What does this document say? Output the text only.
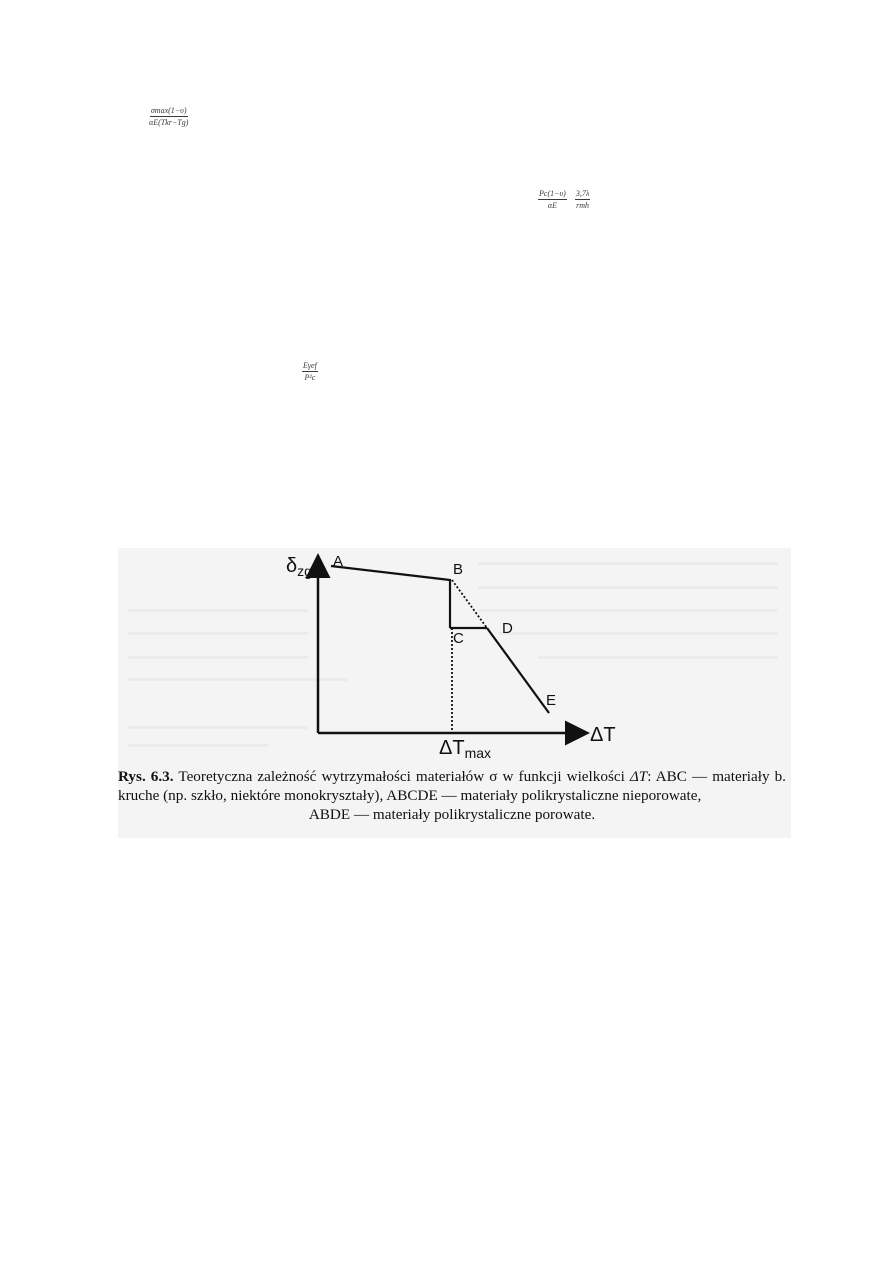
σmax(1−υ)
αE(Tkr−Tg)
$\frac{Pc(1-\upsilon)}{\alpha E} \frac{3,7\lambda}{\text{rmh}}$
Eγef
P²c
A	B
C
D
E
$\delta_{zg}$
ΔT
$\Delta T_{max}$
Rys. 6.3. Teoretyczna zależność wytrzymałości materiałów σ w funkcji wielkości ΔT: ABC — materiały b. kruche (np. szkło, niektóre monokryształy), ABCDE — materiały polikrystaliczne nieporowate,
ABDE — materiały polikrystaliczne porowate.
